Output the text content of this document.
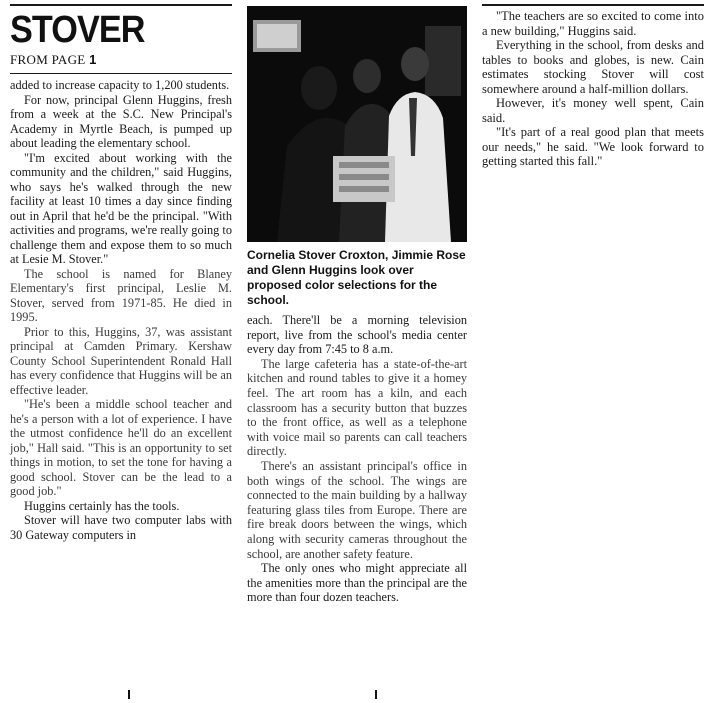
STOVER
FROM PAGE 1

added to increase capacity to 1,200 students.

For now, principal Glenn Huggins, fresh from a week at the S.C. New Principal's Academy in Myrtle Beach, is pumped up about leading the elementary school.

"I'm excited about working with the community and the children," said Huggins, who says he's walked through the new facility at least 10 times a day since finding out in April that he'd be the principal. "With activities and programs, we're really going to challenge them and expose them to so much at Lesie M. Stover."

The school is named for Blaney Elementary's first principal, Leslie M. Stover, served from 1971-85. He died in 1995.

Prior to this, Huggins, 37, was assistant principal at Camden Primary. Kershaw County School Superintendent Ronald Hall has every confidence that Huggins will be an effective leader.

"He's been a middle school teacher and he's a person with a lot of experience. I have the utmost confidence he'll do an excellent job," Hall said. "This is an opportunity to set things in motion, to set the tone for having a good school. Stover can be the lead to a good job."

Huggins certainly has the tools.

Stover will have two computer labs with 30 Gateway computers in

Cornelia Stover Croxton, Jimmie Rose and Glenn Huggins look over proposed color selections for the school.

each. There'll be a morning television report, live from the school's media center every day from 7:45 to 8 a.m.

The large cafeteria has a state-of-the-art kitchen and round tables to give it a homey feel. The art room has a kiln, and each classroom has a security button that buzzes to the front office, as well as a telephone with voice mail so parents can call teachers directly.

There's an assistant principal's office in both wings of the school. The wings are connected to the main building by a hallway featuring glass tiles from Europe. There are fire break doors between the wings, which along with security cameras throughout the school, are another safety feature.

The only ones who might appreciate all the amenities more than the principal are the more than four dozen teachers.

"The teachers are so excited to come into a new building," Huggins said.

Everything in the school, from desks and tables to books and globes, is new. Cain estimates stocking Stover will cost somewhere around a half-million dollars.

However, it's money well spent, Cain said.

"It's part of a real good plan that meets our needs," he said. "We look forward to getting started this fall."
